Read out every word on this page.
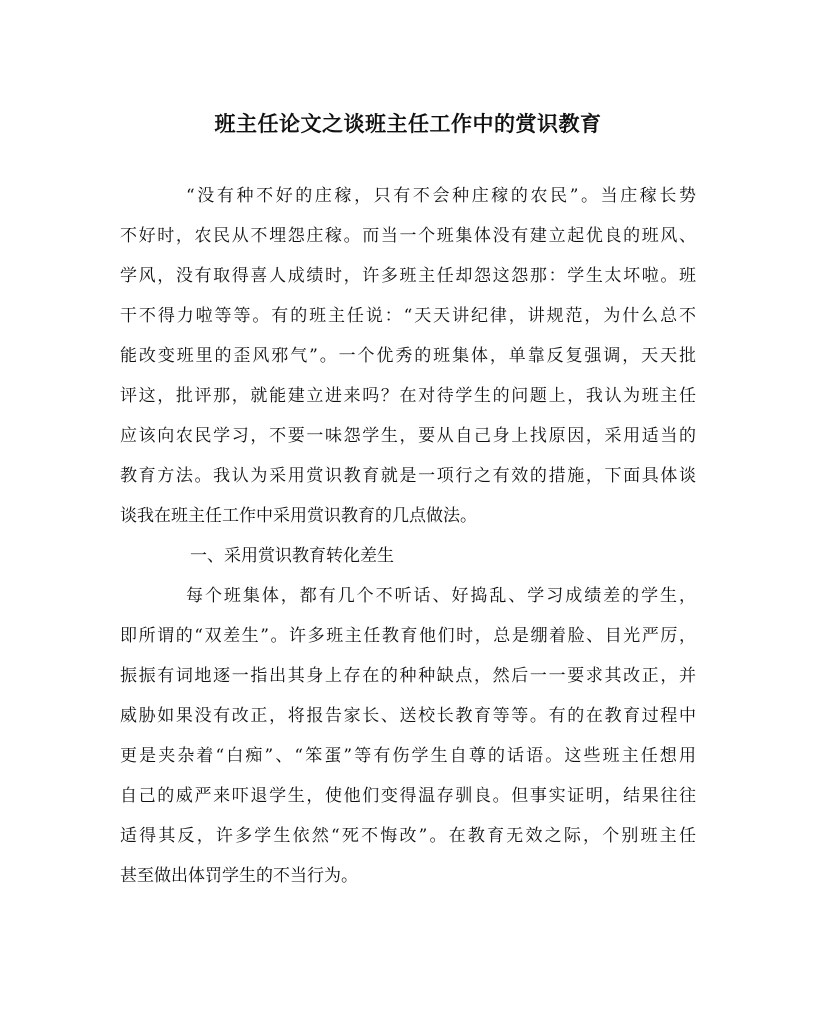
班主任论文之谈班主任工作中的赏识教育

“没有种不好的庄稼，只有不会种庄稼的农民”。当庄稼长势

不好时，农民从不埋怨庄稼。而当一个班集体没有建立起优良的班风、

学风，没有取得喜人成绩时，许多班主任却怨这怨那：学生太坏啦。班

干不得力啦等等。有的班主任说：“天天讲纪律，讲规范，为什么总不

能改变班里的歪风邪气”。一个优秀的班集体，单靠反复强调，天天批

评这，批评那，就能建立进来吗？在对待学生的问题上，我认为班主任

应该向农民学习，不要一味怨学生，要从自己身上找原因，采用适当的

教育方法。我认为采用赏识教育就是一项行之有效的措施，下面具体谈

谈我在班主任工作中采用赏识教育的几点做法。

一、采用赏识教育转化差生

每个班集体，都有几个不听话、好捣乱、学习成绩差的学生，

即所谓的“双差生”。许多班主任教育他们时，总是绷着脸、目光严厉，

振振有词地逐一指出其身上存在的种种缺点，然后一一要求其改正，并

威胁如果没有改正，将报告家长、送校长教育等等。有的在教育过程中

更是夹杂着“白痴”、“笨蛋”等有伤学生自尊的话语。这些班主任想用

自己的威严来吓退学生，使他们变得温存驯良。但事实证明，结果往往

适得其反，许多学生依然“死不悔改”。在教育无效之际，个别班主任

甚至做出体罚学生的不当行为。
